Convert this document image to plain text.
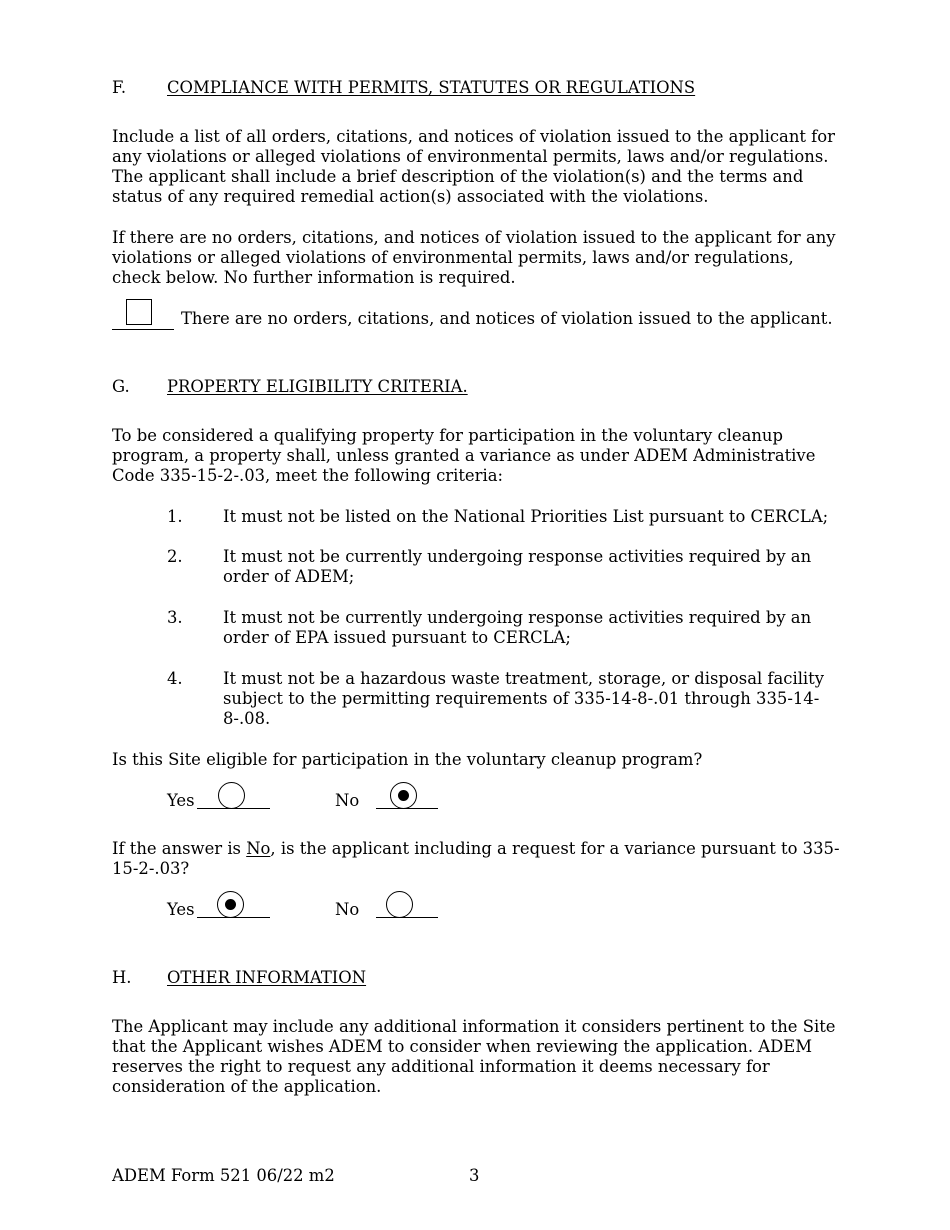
F. COMPLIANCE WITH PERMITS, STATUTES OR REGULATIONS
Include a list of all orders, citations, and notices of violation issued to the applicant for
any violations or alleged violations of environmental permits, laws and/or regulations.
The applicant shall include a brief description of the violation(s) and the terms and
status of any required remedial action(s) associated with the violations.
If there are no orders, citations, and notices of violation issued to the applicant for any
violations or alleged violations of environmental permits, laws and/or regulations,
check below. No further information is required.
There are no orders, citations, and notices of violation issued to the applicant.
G. PROPERTY ELIGIBILITY CRITERIA.
To be considered a qualifying property for participation in the voluntary cleanup
program, a property shall, unless granted a variance as under ADEM Administrative
Code 335-15-2-.03, meet the following criteria:
1. It must not be listed on the National Priorities List pursuant to CERCLA;
2. It must not be currently undergoing response activities required by an
order of ADEM;
3. It must not be currently undergoing response activities required by an
order of EPA issued pursuant to CERCLA;
4. It must not be a hazardous waste treatment, storage, or disposal facility
subject to the permitting requirements of 335-14-8-.01 through 335-14-
8-.08.
Is this Site eligible for participation in the voluntary cleanup program?
Yes	No
If the answer is No, is the applicant including a request for a variance pursuant to 335-
15-2-.03?
Yes	No
H. OTHER INFORMATION
The Applicant may include any additional information it considers pertinent to the Site
that the Applicant wishes ADEM to consider when reviewing the application. ADEM
reserves the right to request any additional information it deems necessary for
consideration of the application.
ADEM Form 521 06/22 m2	3
